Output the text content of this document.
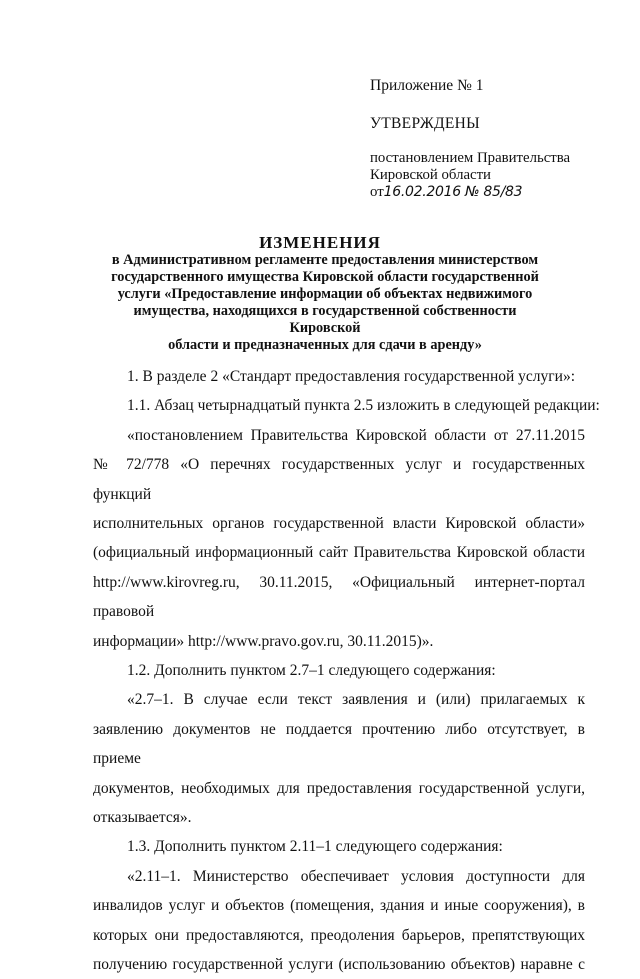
Приложение № 1
УТВЕРЖДЕНЫ
постановлением Правительства
Кировской области
от16.02.2016 № 85/83
ИЗМЕНЕНИЯ
в Административном регламенте предоставления министерством
государственного имущества Кировской области государственной
услуги «Предоставление информации об объектах недвижимого
имущества, находящихся в государственной собственности Кировской
области и предназначенных для сдачи в аренду»
1. В разделе 2 «Стандарт предоставления государственной услуги»:
1.1. Абзац четырнадцатый пункта 2.5 изложить в следующей редакции:

«постановлением Правительства Кировской области от 27.11.2015

№ 72/778 «О перечнях государственных услуг и государственных функций

исполнительных органов государственной власти Кировской области»

(официальный информационный сайт Правительства Кировской области

http://www.kirovreg.ru, 30.11.2015, «Официальный интернет-портал правовой

информации» http://www.pravo.gov.ru, 30.11.2015)».

1.2. Дополнить пунктом 2.7–1 следующего содержания:

«2.7–1. В случае если текст заявления и (или) прилагаемых к

заявлению документов не поддается прочтению либо отсутствует, в приеме

документов, необходимых для предоставления государственной услуги,

отказывается».

1.3. Дополнить пунктом 2.11–1 следующего содержания:

«2.11–1. Министерство обеспечивает условия доступности для

инвалидов услуг и объектов (помещения, здания и иные сооружения), в

которых они предоставляются, преодоления барьеров, препятствующих

получению государственной услуги (использованию объектов) наравне с
